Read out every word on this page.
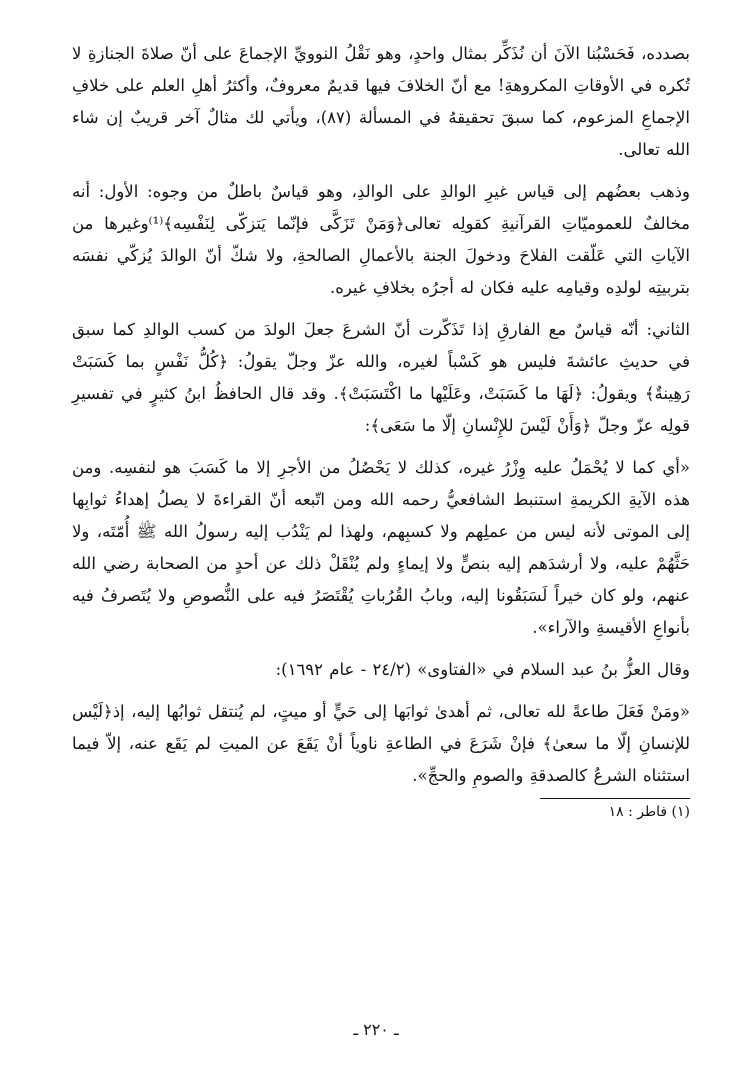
بصدده، فَحَسْبُنا الآنَ أن نُذَكِّر بمثال واحدٍ، وهو نَقْلُ النوويِّ الإجماعَ على أنّ صلاةَ الجنازةِ لا تُكره في الأوقاتِ المكروهةِ! مع أنّ الخلافَ فيها قديمٌ معروفٌ، وأكثرُ أهلِ العلم على خلافِ الإجماعِ المزعوم، كما سبقَ تحقيقهُ في المسألة (٨٧)، ويأتي لك مثالٌ آخر قريبٌ إن شاء الله تعالى.

وذهب بعضُهم إلى قياس غيرِ الوالدِ على الوالدِ، وهو قياسٌ باطلٌ من وجوه: الأول: أنه مخالفٌ للعموميّاتِ القرآنيةِ كقولِه تعالى﴿وَمَنْ تَزَكَّى فإنّما يَتزكّى لِنَفْسِه﴾⁽¹⁾وغيرها من الآياتِ التي عَلّقت الفلاحَ ودخولَ الجنة بالأعمالِ الصالحةِ، ولا شكّ أنّ الوالدَ يُزكّي نفسَه بتربيتِه لولدِه وقيامِه عليه فكان له أجرُه بخلافِ غيره.

الثاني: أنّه قياسٌ مع الفارقِ إذا تَذَكّرت أنّ الشرعَ جعلَ الولدَ من كسب الوالدِ كما سبق في حديثِ عائشةَ فليس هو كَسْباً لغيره، والله عزّ وجلّ يقولُ: ﴿كُلُّ نَفْسٍ بما كَسَبَتْ رَهِينةٌ﴾ ويقولُ: ﴿لَهَا ما كَسَبَتْ، وعَلَيْها ما اكْتَسَبَتْ﴾. وقد قال الحافظُ ابنُ كثيرٍ في تفسيرِ قولِه عزّ وجلّ ﴿وَأَنْ لَيْسَ للإِنْسانِ إلّا ما سَعَى﴾:

«أي كما لا يُحْمَلُ عليه وِزْرُ غيره، كذلك لا يَحْصُلُ من الأجرِ إلا ما كَسَبَ هو لنفسِه. ومن هذه الآيةِ الكريمةِ استنبط الشافعيُّ رحمه الله ومن اتّبعه أنّ القراءةَ لا يصلُ إهداءُ ثوابِها إلى الموتى لأنه ليس من عملِهم ولا كسبِهم، ولهذا لم يَنْدُب إليه رسولُ الله ﷺ أُمّتَه، ولا حَثَّهُمْ عليه، ولا أرشدَهم إليه بنصٍّ ولا إيماءٍ ولم يُنْقَلْ ذلك عن أحدٍ من الصحابة رضي الله عنهم، ولو كان خيراً لَسَبَقُونا إليه، وبابُ القُرُباتِ يُقْتَصَرُ فيه على النُّصوصِ ولا يُتَصرفُ فيه بأنواعِ الأقيسةِ والآراء».

وقال العزُّ بنُ عبد السلام في «الفتاوى» (٢٤/٢ - عام ١٦٩٢):

«ومَنْ فَعَلَ طاعةً لله تعالى، ثم أهدىٰ ثوابَها إلى حَيٍّ أو ميتٍ، لم يُنتقل ثوابُها إليه، إذ﴿لَيْس للإنسانِ إلّا ما سعىٰ﴾ فإنْ شَرَعَ في الطاعةِ ناوياً أنْ يَقَعَ عن الميتِ لم يَقَع عنه، إلاّ فيما استثناه الشرعُ كالصدقةِ والصومِ والحجِّ».

(١) فاطر : ١٨

ـ ٢٢٠ ـ
